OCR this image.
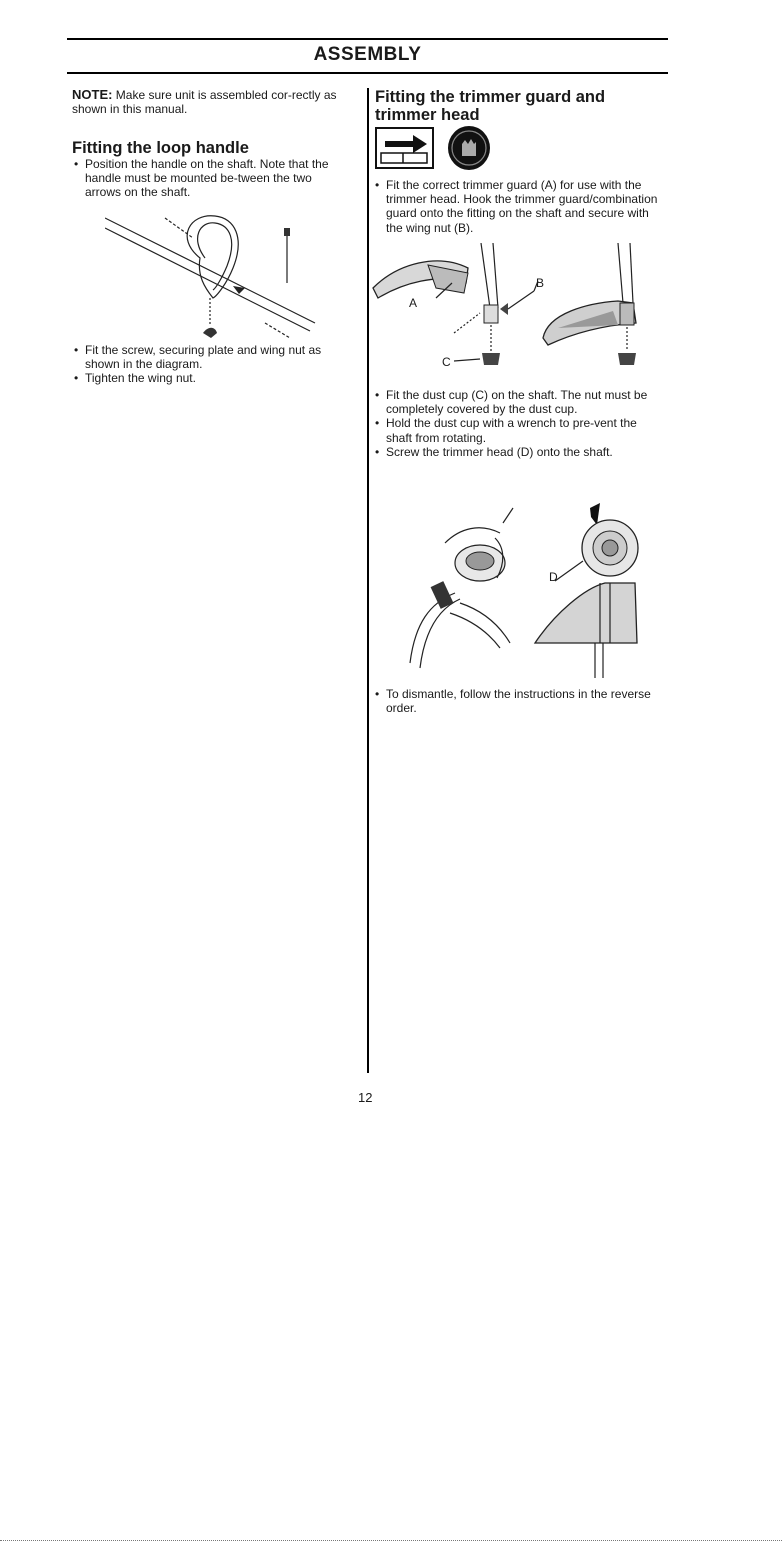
ASSEMBLY
NOTE: Make sure unit is assembled cor-rectly as shown in this manual.
Fitting the loop handle
• Position the handle on the shaft. Note that the handle must be mounted be-tween the two arrows on the shaft.
• Fit the screw, securing plate and wing nut as shown in the diagram.
• Tighten the wing nut.
Fitting the trimmer guard and trimmer head
• Fit the correct trimmer guard (A) for use with the trimmer head. Hook the trimmer guard/combination guard onto the fitting on the shaft and secure with the wing nut (B).
A
B
C
• Fit the dust cup (C) on the shaft. The nut must be completely covered by the dust cup.
• Hold the dust cup with a wrench to pre-vent the shaft from rotating.
• Screw the trimmer head (D) onto the shaft.
D
• To dismantle, follow the instructions in the reverse order.
12
